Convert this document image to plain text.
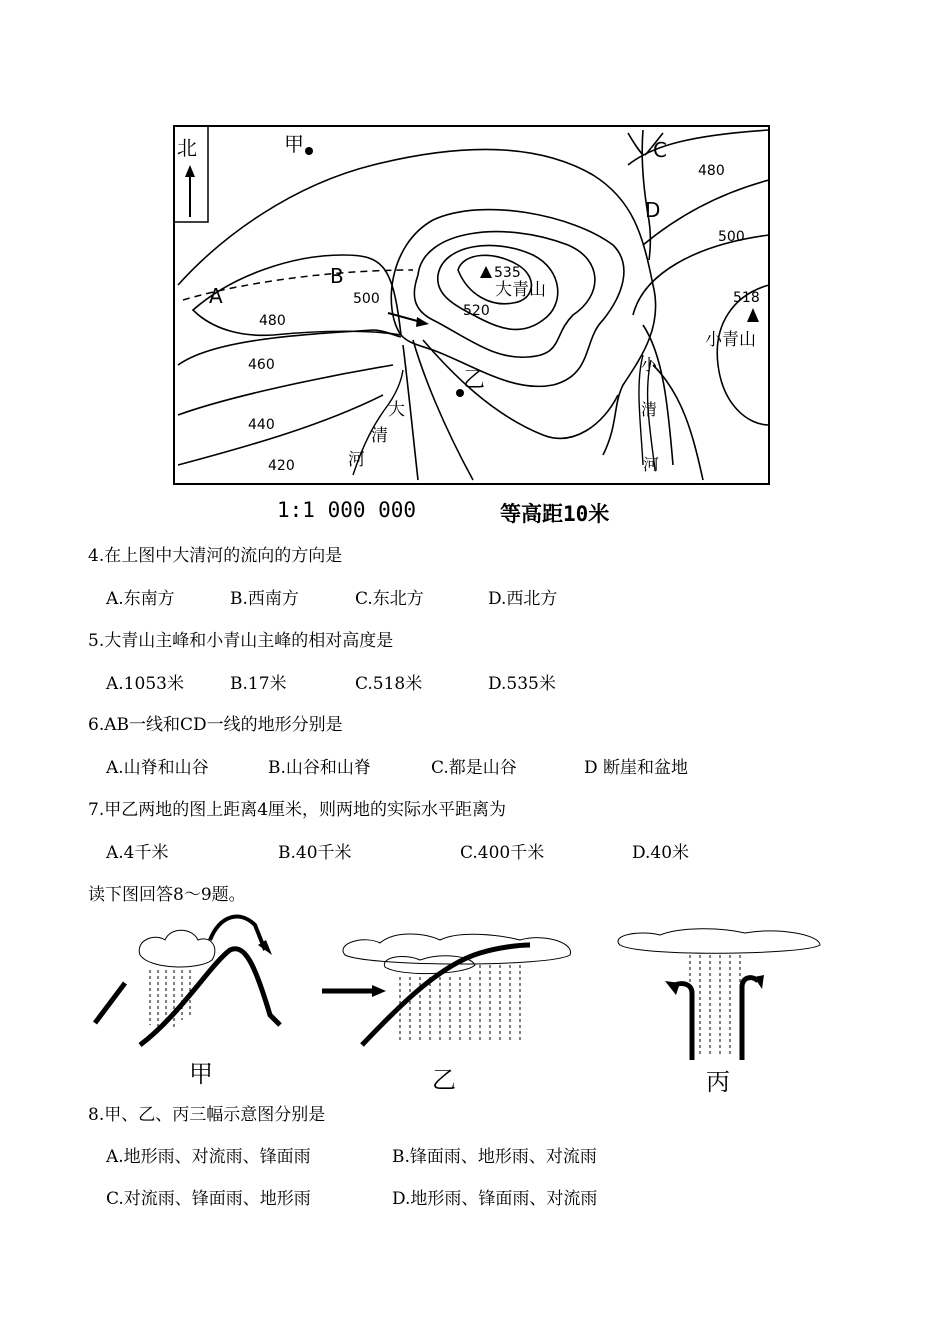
北	甲
乙
A
B
C
D
大青山
小青山
大
清
河
小
清
河
535
520
500
480
460
440
420
480
500
518
1:1 000 000	等高距10米
4.在上图中大清河的流向的方向是
A.东南方	B.西南方	C.东北方	D.西北方
5.大青山主峰和小青山主峰的相对高度是
A.1053米	B.17米	C.518米	D.535米
6.AB一线和CD一线的地形分别是
A.山脊和山谷	B.山谷和山脊	C.都是山谷	D 断崖和盆地
7.甲乙两地的图上距离4厘米，则两地的实际水平距离为
A.4千米	B.40千米	C.400千米	D.40米
读下图回答8～9题。
甲	乙	丙
8.甲、乙、丙三幅示意图分别是
A.地形雨、对流雨、锋面雨	B.锋面雨、地形雨、对流雨
C.对流雨、锋面雨、地形雨	D.地形雨、锋面雨、对流雨
